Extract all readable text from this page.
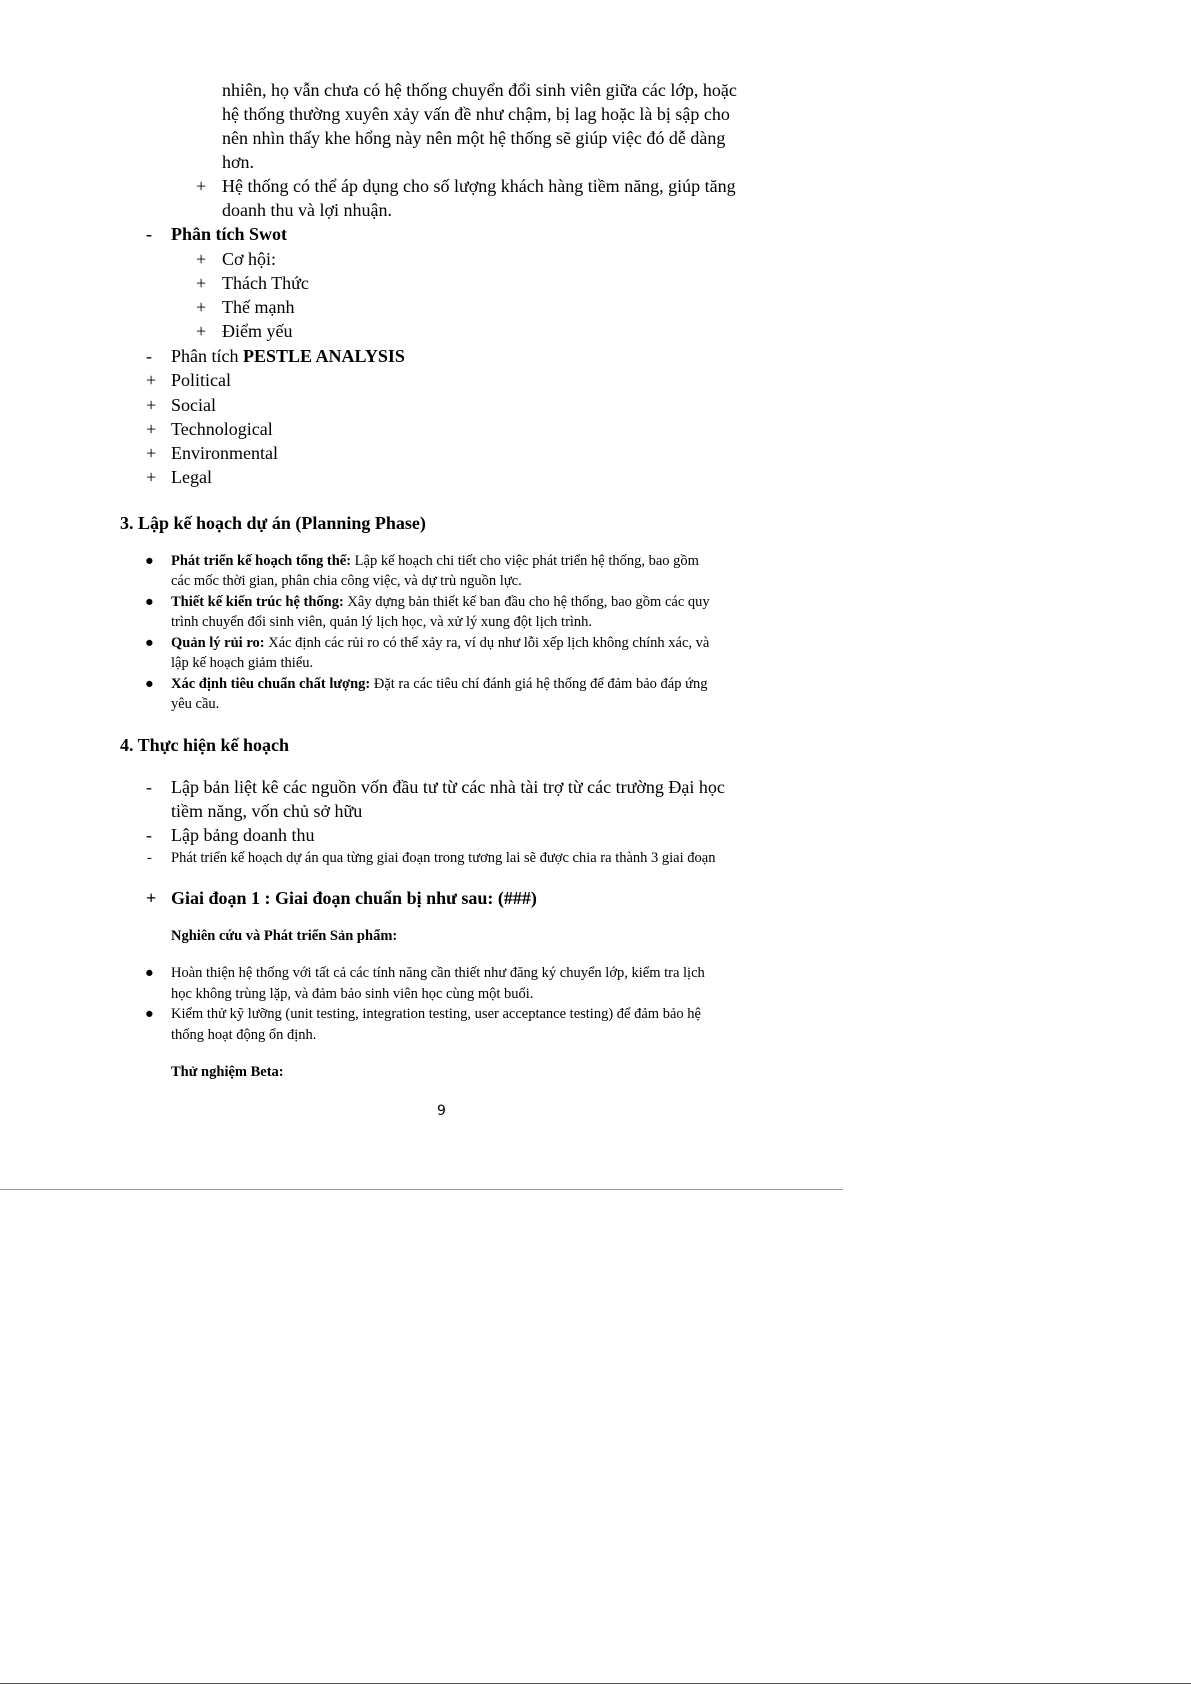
nhiên, họ vẫn chưa có hệ thống chuyển đổi sinh viên giữa các lớp, hoặc
hệ thống thường xuyên xảy vấn đề như chậm, bị lag hoặc là bị sập cho
nên nhìn thấy khe hổng này nên một hệ thống sẽ giúp việc đó dễ dàng
hơn.
+ Hệ thống có thể áp dụng cho số lượng khách hàng tiềm năng, giúp tăng
doanh thu và lợi nhuận.
- Phân tích Swot
+ Cơ hội:
+ Thách Thức
+ Thế mạnh
+ Điểm yếu
- Phân tích PESTLE ANALYSIS
+ Political
+ Social
+ Technological
+ Environmental
+ Legal
3. Lập kế hoạch dự án (Planning Phase)
● Phát triển kế hoạch tổng thể: Lập kế hoạch chi tiết cho việc phát triển hệ thống, bao gồm
các mốc thời gian, phân chia công việc, và dự trù nguồn lực.
● Thiết kế kiến trúc hệ thống: Xây dựng bản thiết kế ban đầu cho hệ thống, bao gồm các quy
trình chuyển đổi sinh viên, quản lý lịch học, và xử lý xung đột lịch trình.
● Quản lý rủi ro: Xác định các rủi ro có thể xảy ra, ví dụ như lỗi xếp lịch không chính xác, và
lập kế hoạch giảm thiểu.
● Xác định tiêu chuẩn chất lượng: Đặt ra các tiêu chí đánh giá hệ thống để đảm bảo đáp ứng
yêu cầu.
4. Thực hiện kế hoạch
- Lập bản liệt kê các nguồn vốn đầu tư từ các nhà tài trợ từ các trường Đại học
tiềm năng, vốn chủ sở hữu
- Lập bảng doanh thu
- Phát triển kế hoạch dự án qua từng giai đoạn trong tương lai sẽ được chia ra thành 3 giai đoạn
+ Giai đoạn 1 : Giai đoạn chuẩn bị như sau: (###)
Nghiên cứu và Phát triển Sản phẩm:
● Hoàn thiện hệ thống với tất cả các tính năng cần thiết như đăng ký chuyển lớp, kiểm tra lịch
học không trùng lặp, và đảm bảo sinh viên học cùng một buổi.
● Kiểm thử kỹ lưỡng (unit testing, integration testing, user acceptance testing) để đảm bảo hệ
thống hoạt động ổn định.
Thử nghiệm Beta:
9
